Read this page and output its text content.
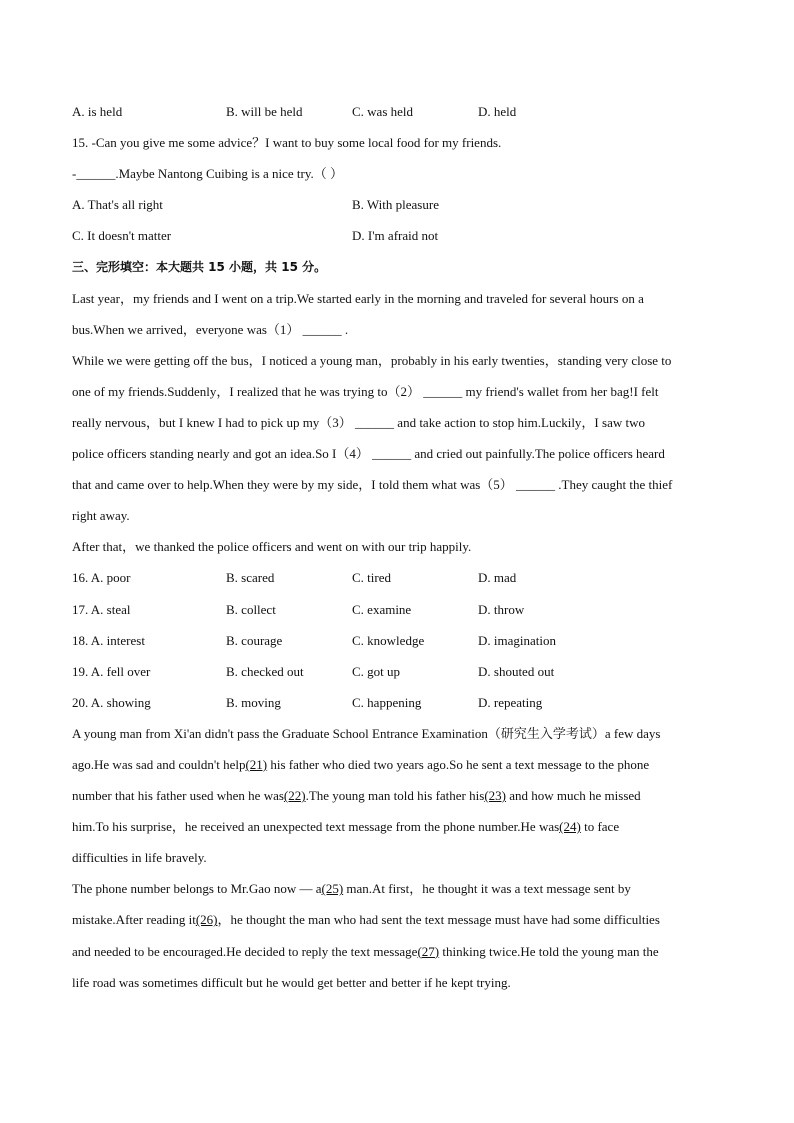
A. is held	B. will be held	C. was held	D. held
15. -Can you give me some advice？I want to buy some local food for my friends.
-______.Maybe Nantong Cuibing is a nice try.（ ）
A. That's all right	B. With pleasure
C. It doesn't matter	D. I'm afraid not
三、完形填空：本大题共 15 小题，共 15 分。
Last year，my friends and I went on a trip.We started early in the morning and traveled for several hours on a
bus.When we arrived，everyone was（1） ______ .
While we were getting off the bus，I noticed a young man，probably in his early twenties，standing very close to
one of my friends.Suddenly，I realized that he was trying to（2） ______ my friend's wallet from her bag!I felt
really nervous，but I knew I had to pick up my（3） ______ and take action to stop him.Luckily，I saw two
police officers standing nearly and got an idea.So I（4） ______ and cried out painfully.The police officers heard
that and came over to help.When they were by my side，I told them what was（5） ______ .They caught the thief
right away.
After that，we thanked the police officers and went on with our trip happily.
16. A. poor	B. scared	C. tired	D. mad
17. A. steal	B. collect	C. examine	D. throw
18. A. interest	B. courage	C. knowledge	D. imagination
19. A. fell over	B. checked out	C. got up	D. shouted out
20. A. showing	B. moving	C. happening	D. repeating
A young man from Xi'an didn't pass the Graduate School Entrance Examination（研究生入学考试）a few days
ago.He was sad and couldn't help(21) his father who died two years ago.So he sent a text message to the phone
number that his father used when he was(22).The young man told his father his(23) and how much he missed
him.To his surprise，he received an unexpected text message from the phone number.He was(24) to face
difficulties in life bravely.
The phone number belongs to Mr.Gao now — a(25) man.At first，he thought it was a text message sent by
mistake.After reading it(26)，he thought the man who had sent the text message must have had some difficulties
and needed to be encouraged.He decided to reply the text message(27) thinking twice.He told the young man the
life road was sometimes difficult but he would get better and better if he kept trying.
